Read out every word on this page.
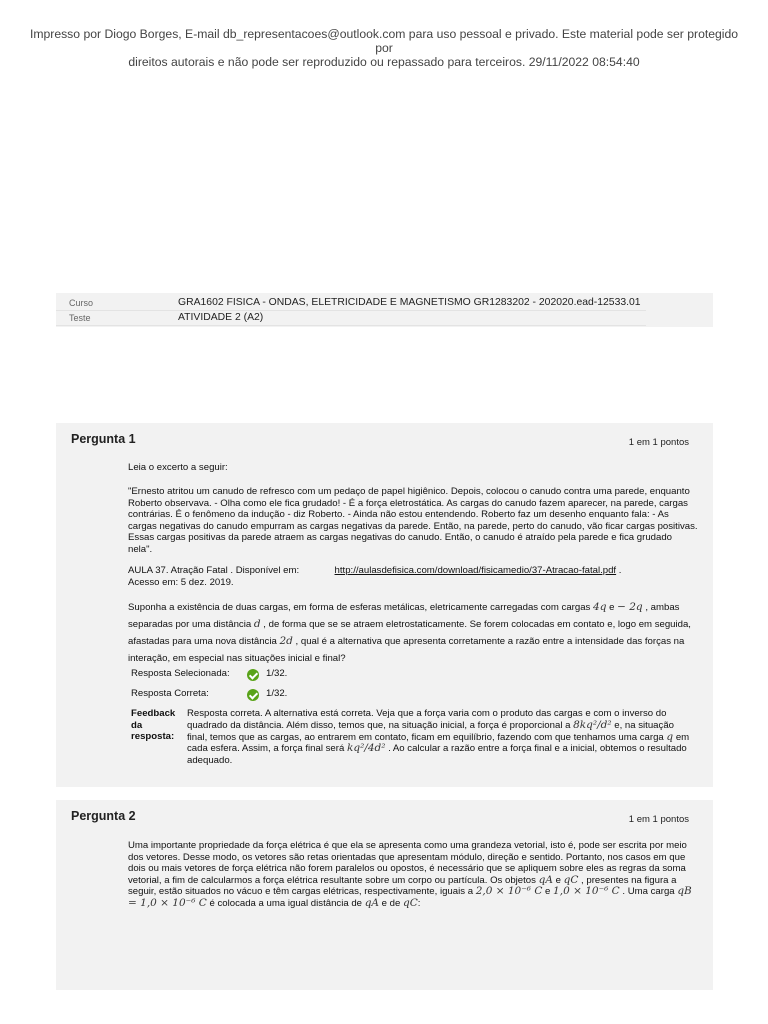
Impresso por Diogo Borges, E-mail db_representacoes@outlook.com para uso pessoal e privado. Este material pode ser protegido por
direitos autorais e não pode ser reproduzido ou repassado para terceiros. 29/11/2022 08:54:40
Curso	GRA1602 FISICA - ONDAS, ELETRICIDADE E MAGNETISMO GR1283202 - 202020.ead-12533.01
Teste	ATIVIDADE 2 (A2)
Pergunta 1	1 em 1 pontos
Leia o excerto a seguir:
"Ernesto atritou um canudo de refresco com um pedaço de papel higiênico. Depois, colocou o canudo contra uma parede, enquanto Roberto observava. - Olha como ele fica grudado! - É a força eletrostática. As cargas do canudo fazem aparecer, na parede, cargas contrárias. É o fenômeno da indução - diz Roberto. - Ainda não estou entendendo. Roberto faz um desenho enquanto fala: - As cargas negativas do canudo empurram as cargas negativas da parede. Então, na parede, perto do canudo, vão ficar cargas positivas. Essas cargas positivas da parede atraem as cargas negativas do canudo. Então, o canudo é atraído pela parede e fica grudado nela".
AULA 37. Atração Fatal . Disponível em:	http://aulasdefisica.com/download/fisicamedio/37-Atracao-fatal.pdf .
Acesso em: 5 dez. 2019.
Suponha a existência de duas cargas, em forma de esferas metálicas, eletricamente carregadas com cargas 4q e − 2q , ambas separadas por uma distância d , de forma que se se atraem eletrostaticamente. Se forem colocadas em contato e, logo em seguida, afastadas para uma nova distância 2d , qual é a alternativa que apresenta corretamente a razão entre a intensidade das forças na interação, em especial nas situações inicial e final?
Resposta Selecionada:	1/32.
Resposta Correta:	1/32.
Feedback da resposta:
Resposta correta. A alternativa está correta. Veja que a força varia com o produto das cargas e com o inverso do quadrado da distância. Além disso, temos que, na situação inicial, a força é proporcional a 8kq²/d² e, na situação final, temos que as cargas, ao entrarem em contato, ficam em equilíbrio, fazendo com que tenhamos uma carga q em cada esfera. Assim, a força final será kq²/4d² . Ao calcular a razão entre a força final e a inicial, obtemos o resultado adequado.
Pergunta 2	1 em 1 pontos
Uma importante propriedade da força elétrica é que ela se apresenta como uma grandeza vetorial, isto é, pode ser escrita por meio dos vetores. Desse modo, os vetores são retas orientadas que apresentam módulo, direção e sentido. Portanto, nos casos em que dois ou mais vetores de força elétrica não forem paralelos ou opostos, é necessário que se apliquem sobre eles as regras da soma vetorial, a fim de calcularmos a força elétrica resultante sobre um corpo ou partícula. Os objetos qA e qC , presentes na figura a seguir, estão situados no vácuo e têm cargas elétricas, respectivamente, iguais a 2,0 × 10⁻⁶ C e 1,0 × 10⁻⁶ C . Uma carga qB = 1,0 × 10⁻⁶ C é colocada a uma igual distância de qA e de qC:
